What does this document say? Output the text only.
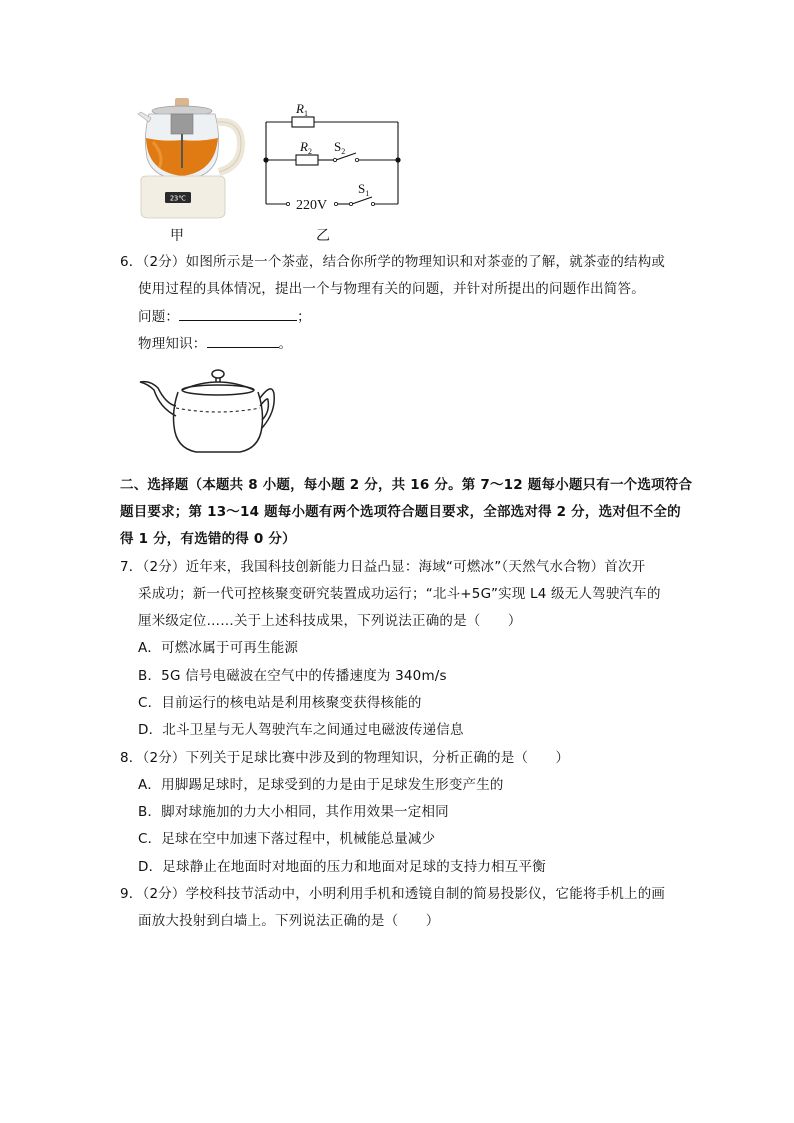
23℃
甲
$R_1$
$R_2$ $S_2$
$S_1$
220V
乙
6．（2分）如图所示是一个茶壶，结合你所学的物理知识和对茶壶的了解，就茶壶的结构或
使用过程的具体情况，提出一个与物理有关的问题，并针对所提出的问题作出简答。
问题：	；
物理知识：	。
二、选择题（本题共 8 小题，每小题 2 分，共 16 分。第 7～12 题每小题只有一个选项符合
题目要求；第 13～14 题每小题有两个选项符合题目要求，全部选对得 2 分，选对但不全的
得 1 分，有选错的得 0 分）
7．（2分）近年来，我国科技创新能力日益凸显：海域“可燃冰”（天然气水合物）首次开
采成功；新一代可控核聚变研究装置成功运行；“北斗+5G”实现 L4 级无人驾驶汽车的
厘米级定位……关于上述科技成果，下列说法正确的是（　　）
A．可燃冰属于可再生能源
B．5G 信号电磁波在空气中的传播速度为 340m/s
C．目前运行的核电站是利用核聚变获得核能的
D．北斗卫星与无人驾驶汽车之间通过电磁波传递信息
8．（2分）下列关于足球比赛中涉及到的物理知识，分析正确的是（　　）
A．用脚踢足球时，足球受到的力是由于足球发生形变产生的
B．脚对球施加的力大小相同，其作用效果一定相同
C．足球在空中加速下落过程中，机械能总量减少
D．足球静止在地面时对地面的压力和地面对足球的支持力相互平衡
9．（2分）学校科技节活动中，小明利用手机和透镜自制的简易投影仪，它能将手机上的画
面放大投射到白墙上。下列说法正确的是（　　）
